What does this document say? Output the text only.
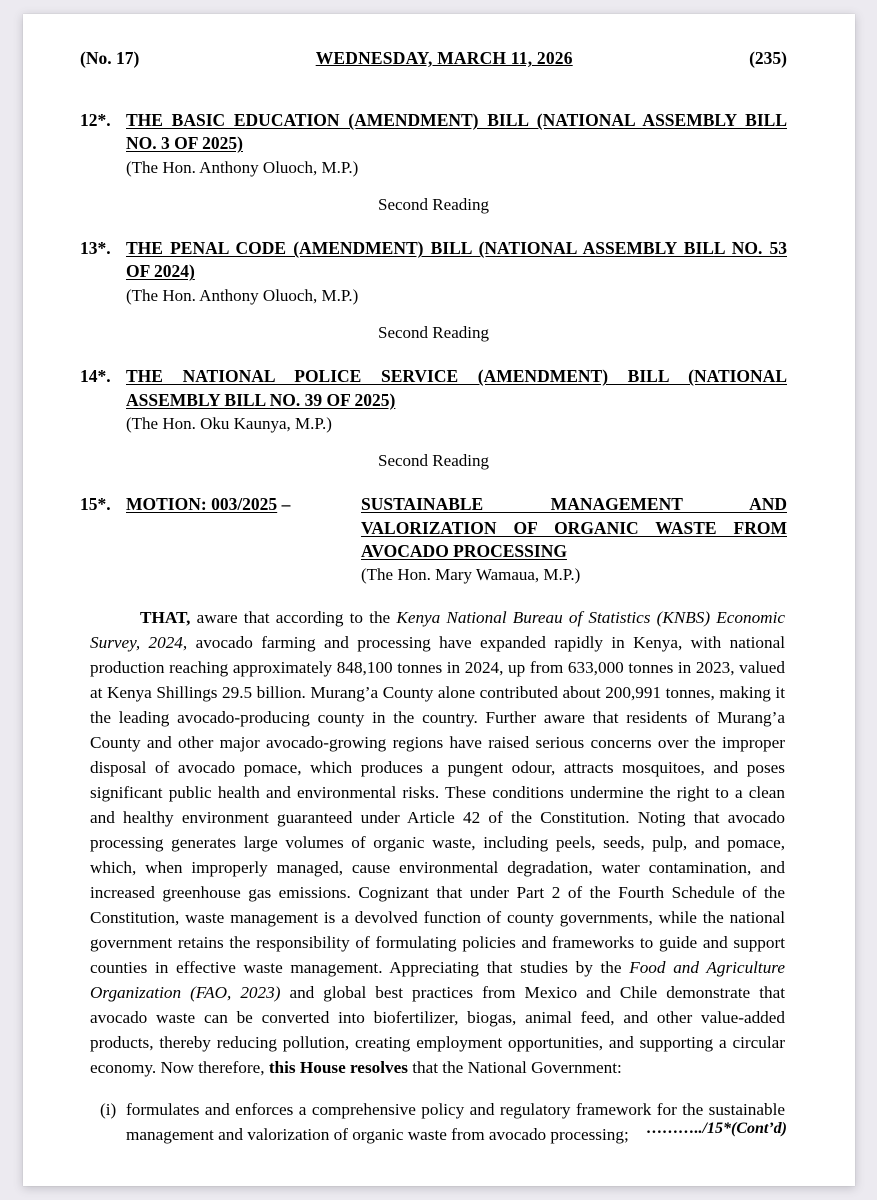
(No. 17)	WEDNESDAY, MARCH 11, 2026	(235)
12*. THE BASIC EDUCATION (AMENDMENT) BILL (NATIONAL ASSEMBLY BILL NO. 3 OF 2025)
(The Hon. Anthony Oluoch, M.P.)
Second Reading
13*. THE PENAL CODE (AMENDMENT) BILL (NATIONAL ASSEMBLY BILL NO. 53 OF 2024)
(The Hon. Anthony Oluoch, M.P.)
Second Reading
14*. THE NATIONAL POLICE SERVICE (AMENDMENT) BILL (NATIONAL ASSEMBLY BILL NO. 39 OF 2025)
(The Hon. Oku Kaunya, M.P.)
Second Reading
15*. MOTION: 003/2025 –	SUSTAINABLE MANAGEMENT AND VALORIZATION OF ORGANIC WASTE FROM AVOCADO PROCESSING
(The Hon. Mary Wamaua, M.P.)

THAT, aware that according to the Kenya National Bureau of Statistics (KNBS) Economic Survey, 2024, avocado farming and processing have expanded rapidly in Kenya, with national production reaching approximately 848,100 tonnes in 2024, up from 633,000 tonnes in 2023, valued at Kenya Shillings 29.5 billion. Murang’a County alone contributed about 200,991 tonnes, making it the leading avocado-producing county in the country. Further aware that residents of Murang’a County and other major avocado-growing regions have raised serious concerns over the improper disposal of avocado pomace, which produces a pungent odour, attracts mosquitoes, and poses significant public health and environmental risks. These conditions undermine the right to a clean and healthy environment guaranteed under Article 42 of the Constitution. Noting that avocado processing generates large volumes of organic waste, including peels, seeds, pulp, and pomace, which, when improperly managed, cause environmental degradation, water contamination, and increased greenhouse gas emissions. Cognizant that under Part 2 of the Fourth Schedule of the Constitution, waste management is a devolved function of county governments, while the national government retains the responsibility of formulating policies and frameworks to guide and support counties in effective waste management. Appreciating that studies by the Food and Agriculture Organization (FAO, 2023) and global best practices from Mexico and Chile demonstrate that avocado waste can be converted into biofertilizer, biogas, animal feed, and other value-added products, thereby reducing pollution, creating employment opportunities, and supporting a circular economy. Now therefore, this House resolves that the National Government:

(i) formulates and enforces a comprehensive policy and regulatory framework for the sustainable management and valorization of organic waste from avocado processing;	………../15*(Cont’d)
